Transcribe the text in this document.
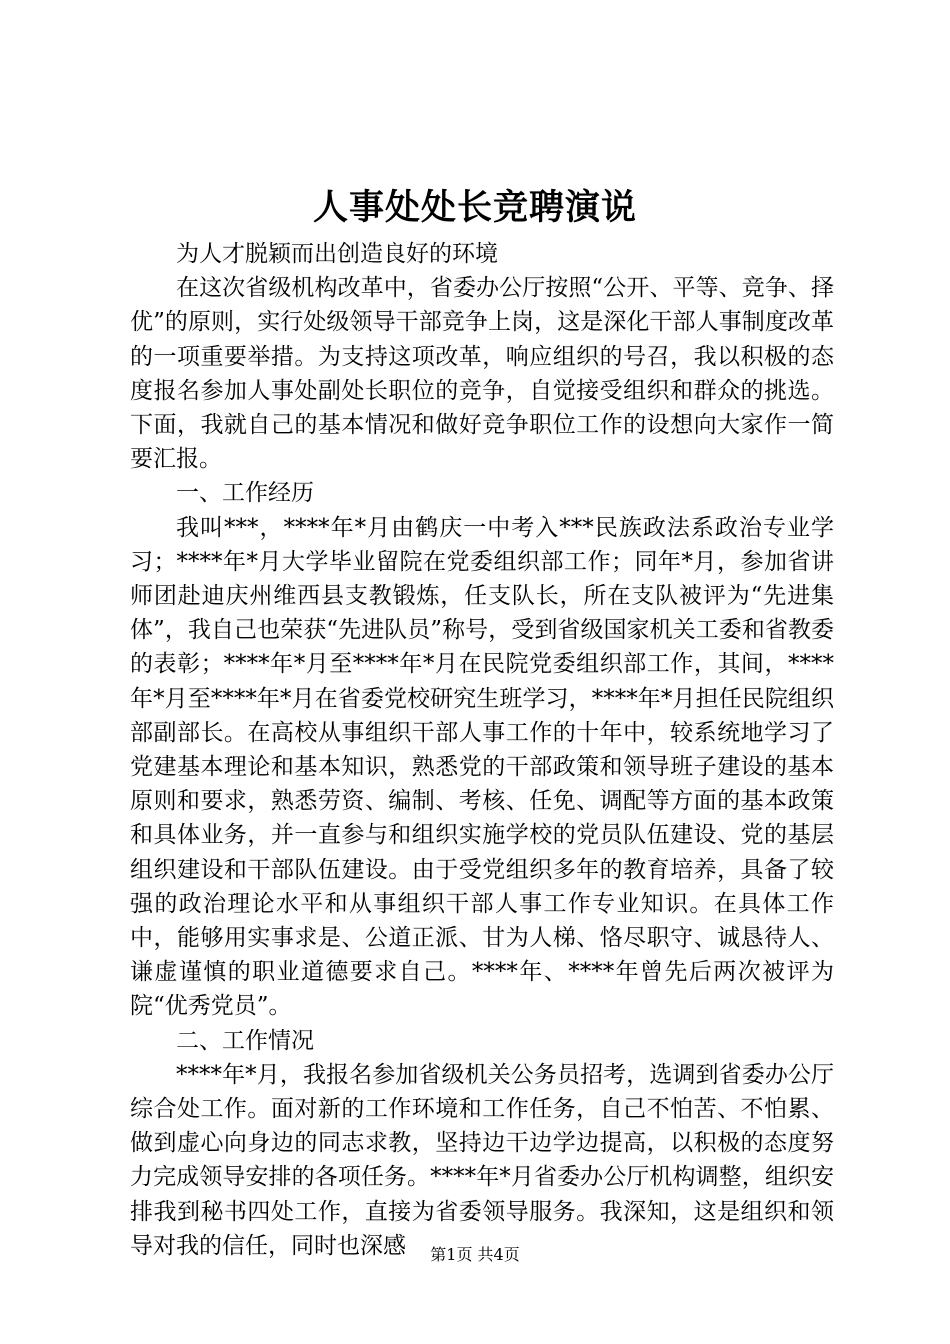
人事处处长竞聘演说

为人才脱颖而出创造良好的环境

在这次省级机构改革中，省委办公厅按照“公开、平等、竞争、择优”的原则，实行处级领导干部竞争上岗，这是深化干部人事制度改革的一项重要举措。为支持这项改革，响应组织的号召，我以积极的态度报名参加人事处副处长职位的竞争，自觉接受组织和群众的挑选。下面，我就自己的基本情况和做好竞争职位工作的设想向大家作一简要汇报。

一、工作经历

我叫***，****年*月由鹤庆一中考入***民族政法系政治专业学习；****年*月大学毕业留院在党委组织部工作；同年*月，参加省讲师团赴迪庆州维西县支教锻炼，任支队长，所在支队被评为“先进集体”，我自己也荣获“先进队员”称号，受到省级国家机关工委和省教委的表彰；****年*月至****年*月在民院党委组织部工作，其间，****年*月至****年*月在省委党校研究生班学习，****年*月担任民院组织部副部长。在高校从事组织干部人事工作的十年中，较系统地学习了党建基本理论和基本知识，熟悉党的干部政策和领导班子建设的基本原则和要求，熟悉劳资、编制、考核、任免、调配等方面的基本政策和具体业务，并一直参与和组织实施学校的党员队伍建设、党的基层组织建设和干部队伍建设。由于受党组织多年的教育培养，具备了较强的政治理论水平和从事组织干部人事工作专业知识。在具体工作中，能够用实事求是、公道正派、甘为人梯、恪尽职守、诚恳待人、谦虚谨慎的职业道德要求自己。****年、****年曾先后两次被评为院“优秀党员”。

二、工作情况

****年*月，我报名参加省级机关公务员招考，选调到省委办公厅综合处工作。面对新的工作环境和工作任务，自己不怕苦、不怕累、做到虚心向身边的同志求教，坚持边干边学边提高，以积极的态度努力完成领导安排的各项任务。****年*月省委办公厅机构调整，组织安排我到秘书四处工作，直接为省委领导服务。我深知，这是组织和领导对我的信任，同时也深感	第1页 共4页
